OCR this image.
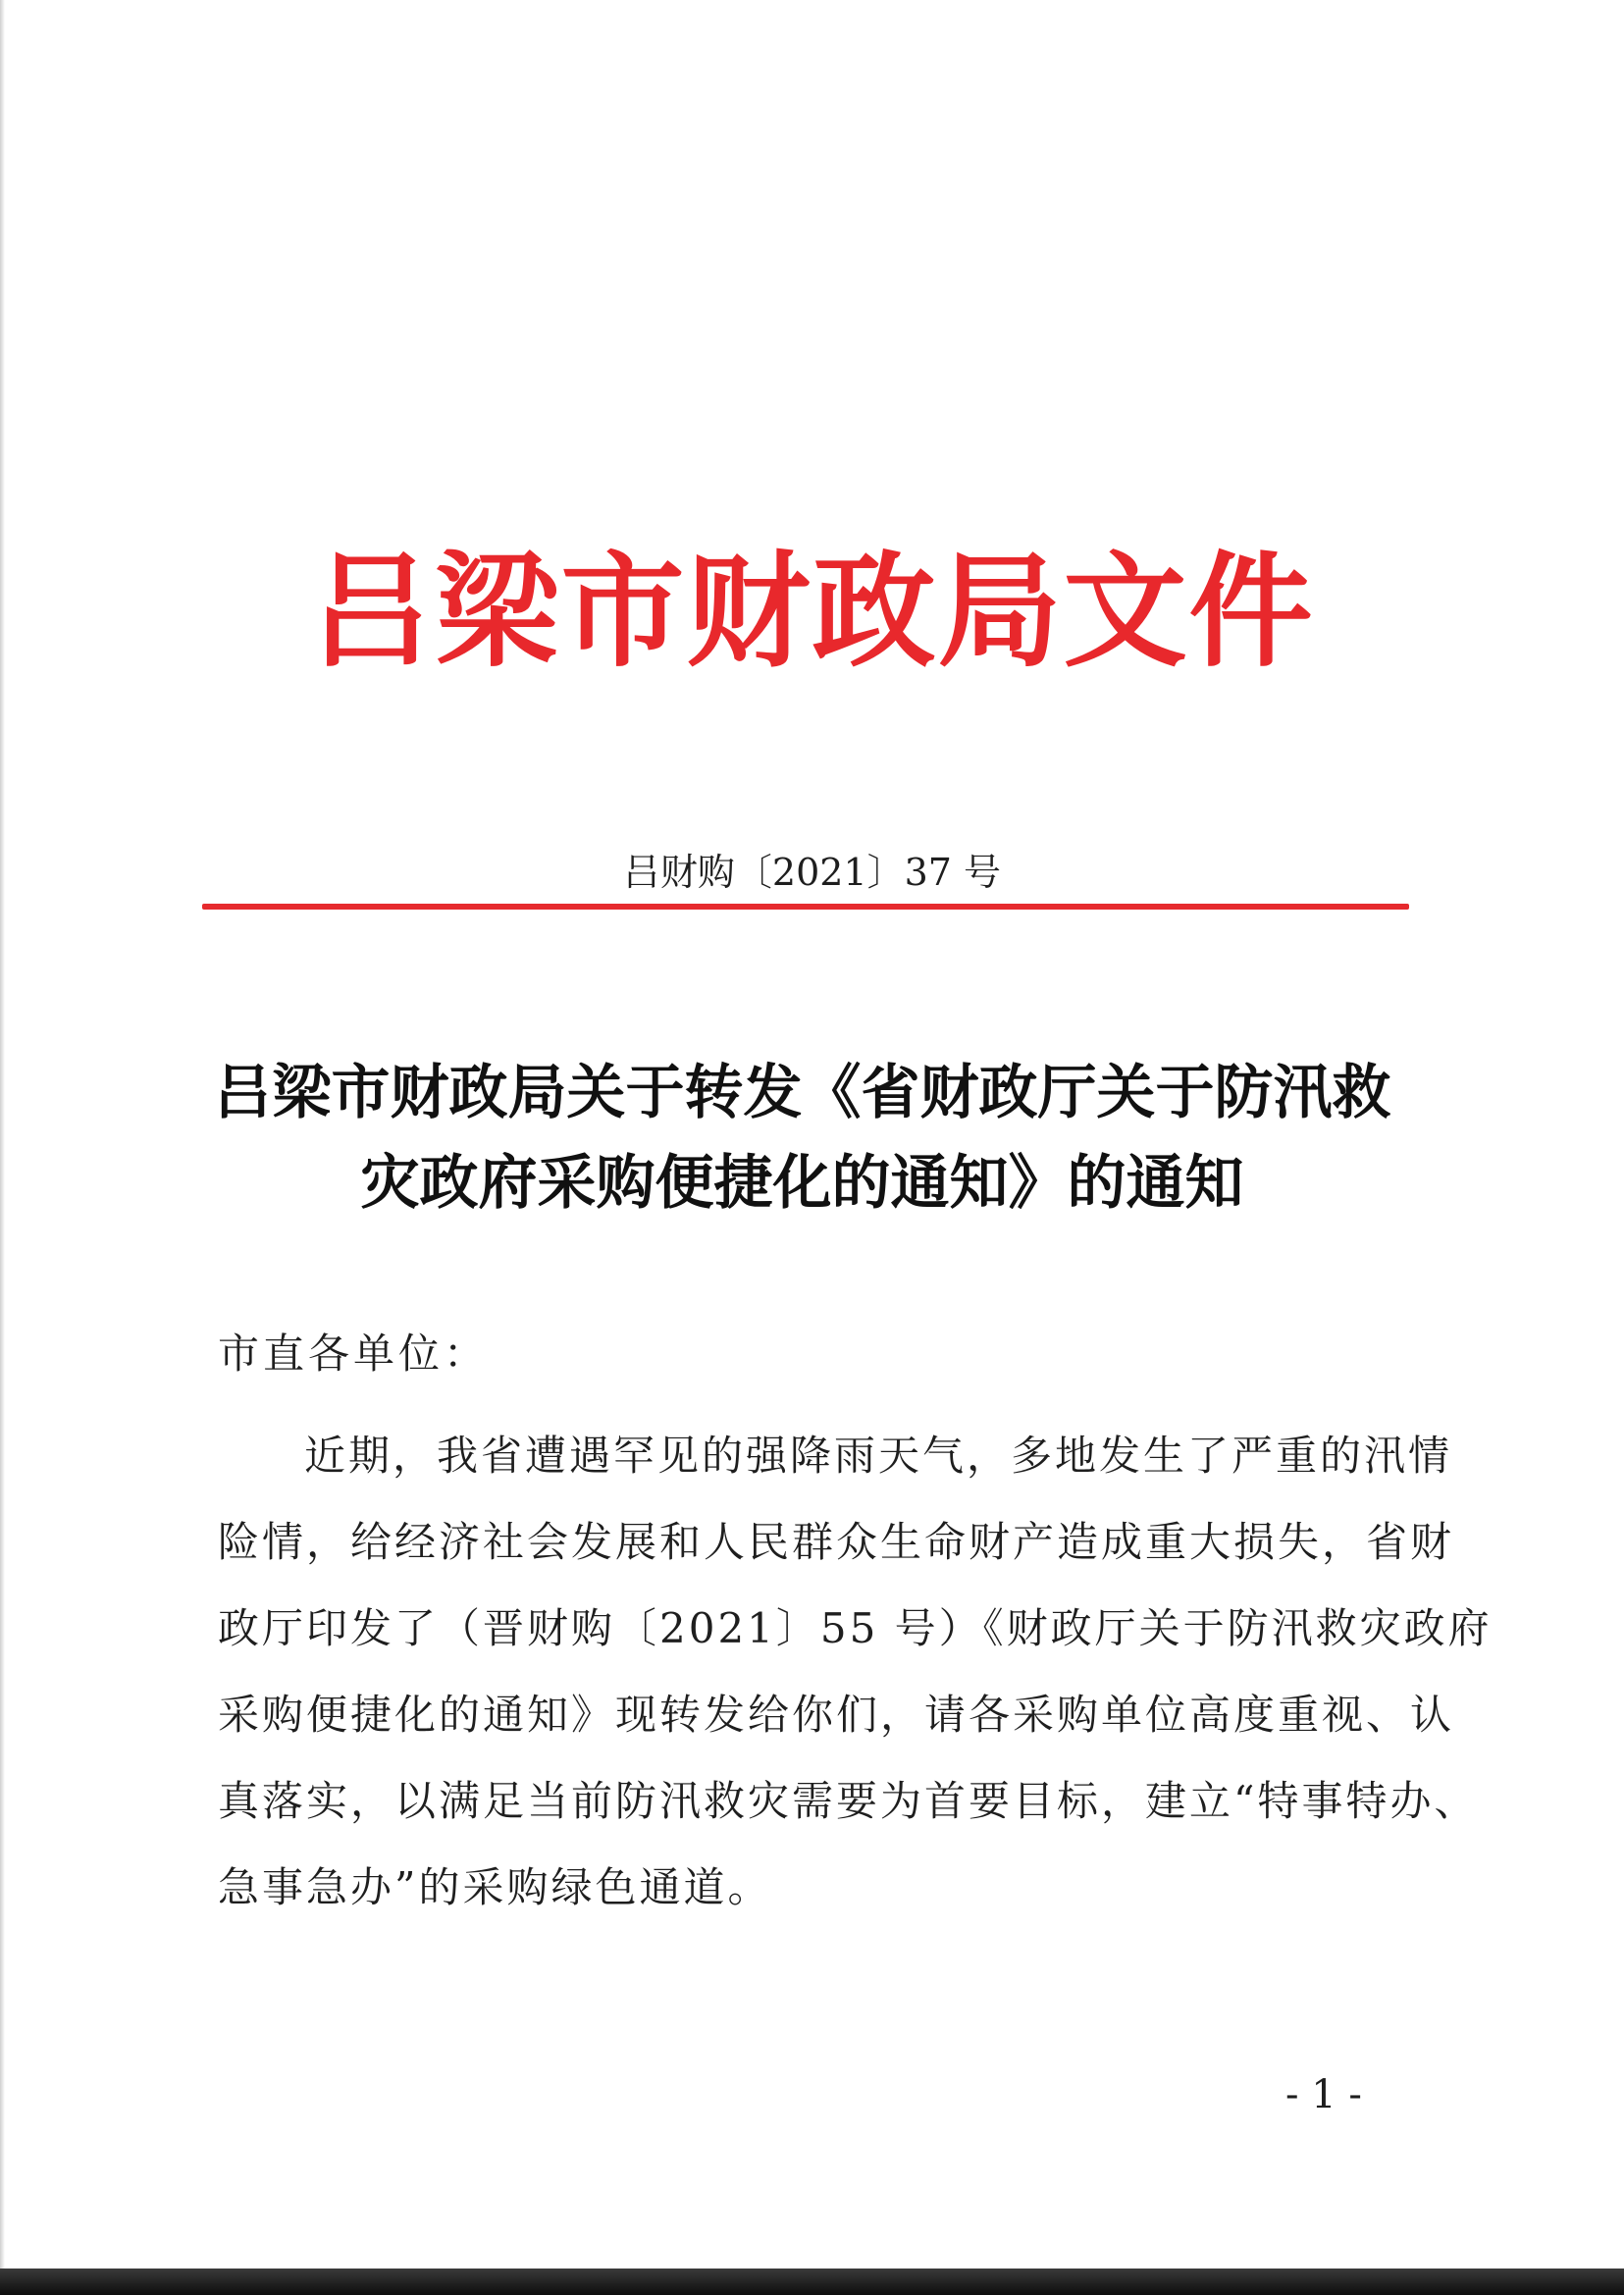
吕梁市财政局文件
吕财购〔2021〕37 号
吕梁市财政局关于转发《省财政厅关于防汛救
灾政府采购便捷化的通知》的通知
市直各单位：
近期，我省遭遇罕见的强降雨天气，多地发生了严重的汛情
险情，给经济社会发展和人民群众生命财产造成重大损失，省财
政厅印发了（晋财购〔2021〕55 号）《财政厅关于防汛救灾政府
采购便捷化的通知》现转发给你们，请各采购单位高度重视、认
真落实，以满足当前防汛救灾需要为首要目标，建立“特事特办、
急事急办”的采购绿色通道。
- 1 -
